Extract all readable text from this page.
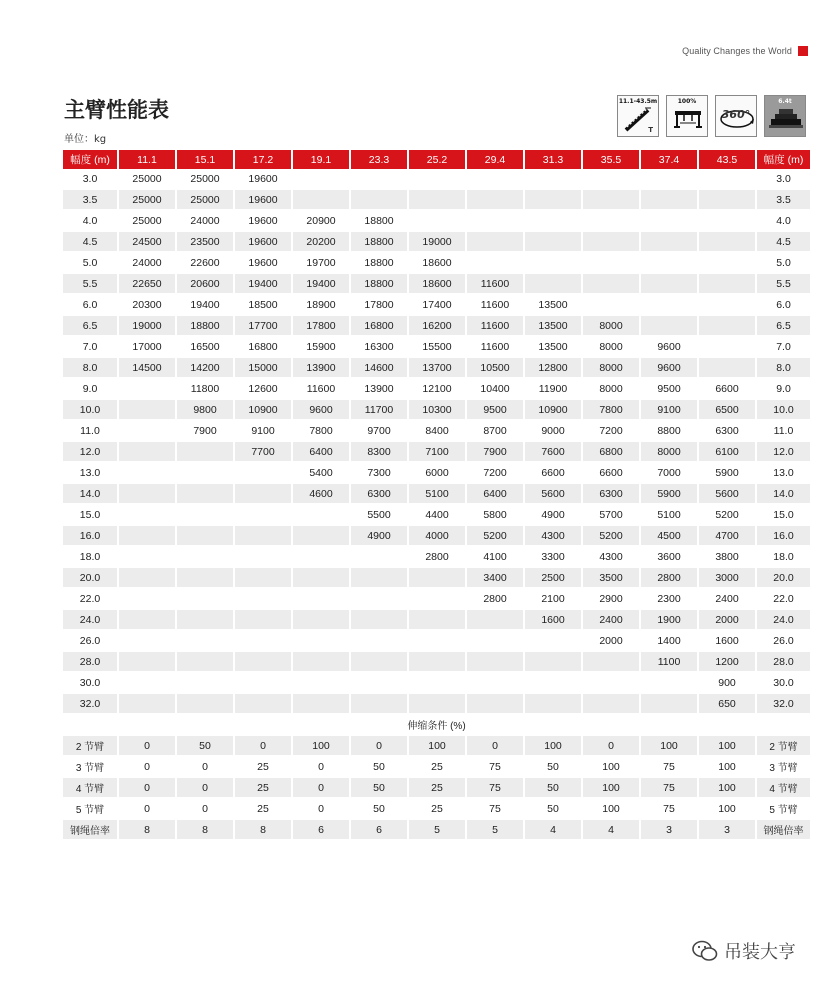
Quality Changes the World
主臂性能表
单位：kg
11.1-43.5m
T
100%
360°
6.4t
幅度 (m)	11.1	15.1	17.2	19.1	23.3	25.2	29.4	31.3	35.5	37.4	43.5	幅度 (m)
3.0	25000	25000	19600									3.0
3.5	25000	25000	19600									3.5
4.0	25000	24000	19600	20900	18800							4.0
4.5	24500	23500	19600	20200	18800	19000						4.5
5.0	24000	22600	19600	19700	18800	18600						5.0
5.5	22650	20600	19400	19400	18800	18600	11600					5.5
6.0	20300	19400	18500	18900	17800	17400	11600	13500				6.0
6.5	19000	18800	17700	17800	16800	16200	11600	13500	8000			6.5
7.0	17000	16500	16800	15900	16300	15500	11600	13500	8000	9600		7.0
8.0	14500	14200	15000	13900	14600	13700	10500	12800	8000	9600		8.0
9.0		11800	12600	11600	13900	12100	10400	11900	8000	9500	6600	9.0
10.0		9800	10900	9600	11700	10300	9500	10900	7800	9100	6500	10.0
11.0		7900	9100	7800	9700	8400	8700	9000	7200	8800	6300	11.0
12.0			7700	6400	8300	7100	7900	7600	6800	8000	6100	12.0
13.0				5400	7300	6000	7200	6600	6600	7000	5900	13.0
14.0				4600	6300	5100	6400	5600	6300	5900	5600	14.0
15.0					5500	4400	5800	4900	5700	5100	5200	15.0
16.0					4900	4000	5200	4300	5200	4500	4700	16.0
18.0						2800	4100	3300	4300	3600	3800	18.0
20.0							3400	2500	3500	2800	3000	20.0
22.0							2800	2100	2900	2300	2400	22.0
24.0								1600	2400	1900	2000	24.0
26.0									2000	1400	1600	26.0
28.0										1100	1200	28.0
30.0											900	30.0
32.0											650	32.0
伸缩条件 (%)												
2 节臂	0	50	0	100	0	100	0	100	0	100	100	2 节臂
3 节臂	0	0	25	0	50	25	75	50	100	75	100	3 节臂
4 节臂	0	0	25	0	50	25	75	50	100	75	100	4 节臂
5 节臂	0	0	25	0	50	25	75	50	100	75	100	5 节臂
钢绳倍率	8	8	8	6	6	5	5	4	4	3	3	钢绳倍率
吊装大亨
